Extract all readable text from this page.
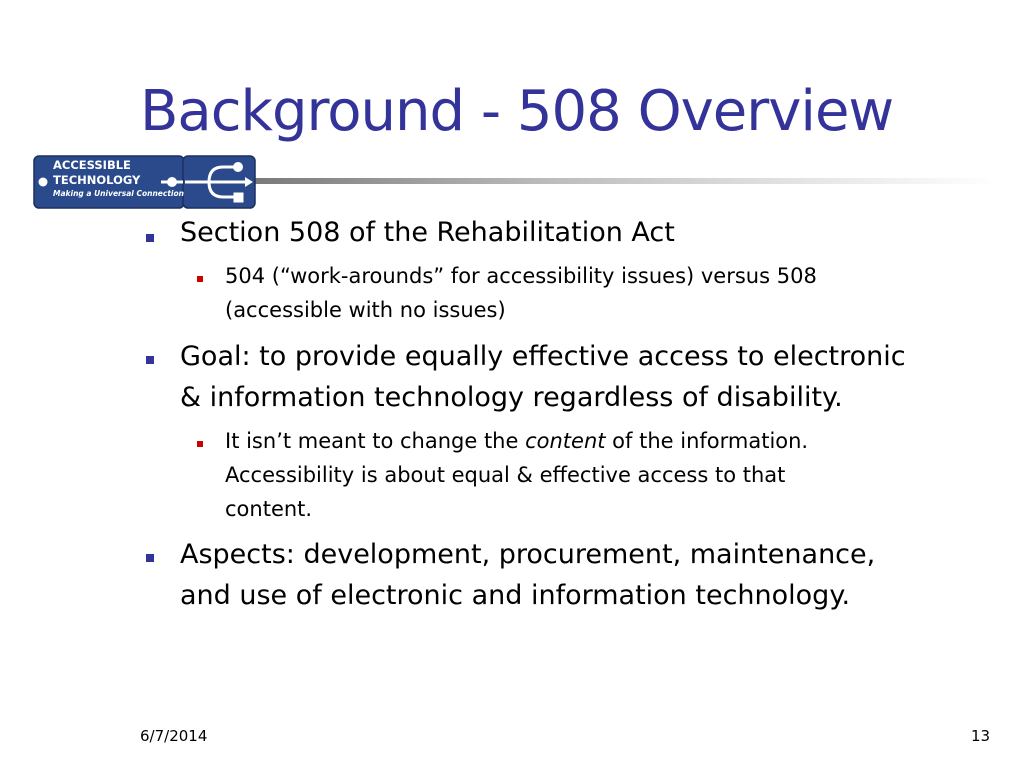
Background - 508 Overview
ACCESSIBLE
TECHNOLOGY
Making a Universal Connection
Section 508 of the Rehabilitation Act
504 (“work-arounds” for accessibility issues) versus 508
(accessible with no issues)
Goal: to provide equally effective access to electronic
& information technology regardless of disability.
It isn’t meant to change the content of the information.
Accessibility is about equal & effective access to that
content.
Aspects: development, procurement, maintenance,
and use of electronic and information technology.
6/7/2014	13
